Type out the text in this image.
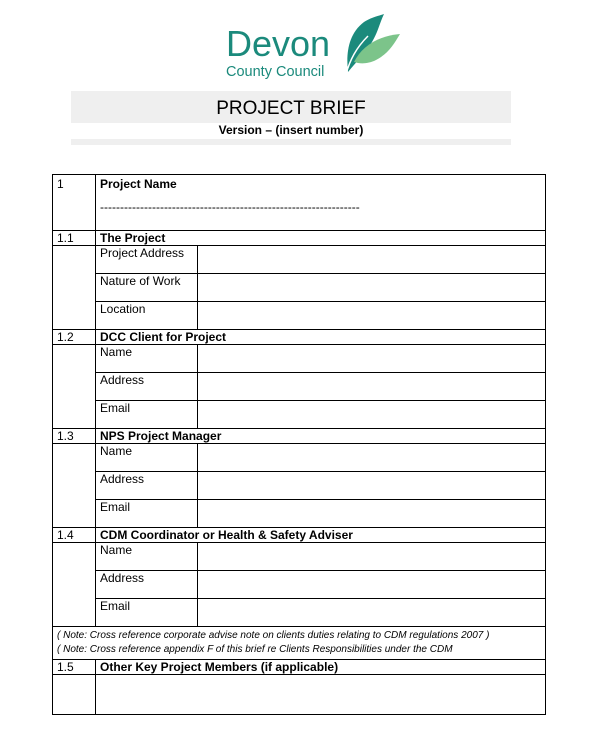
Devon
County Council
PROJECT BRIEF
Version – (insert number)
1	Project Name
-----------------------------------------------------------------	

1.1	The Project	
	Project Address	
	Nature of Work	
	Location	
1.2	DCC Client for Project	
	Name	
	Address	
	Email	
1.3	NPS Project Manager	
	Name	
	Address	
	Email	
1.4	CDM Coordinator or Health & Safety Adviser	
	Name	
	Address	
	Email	

( Note: Cross reference corporate advise note on clients duties relating to CDM regulations 2007 )
( Note: Cross reference appendix F of this brief re Clients Responsibilities under the CDM		

1.5	Other Key Project Members (if applicable)	
